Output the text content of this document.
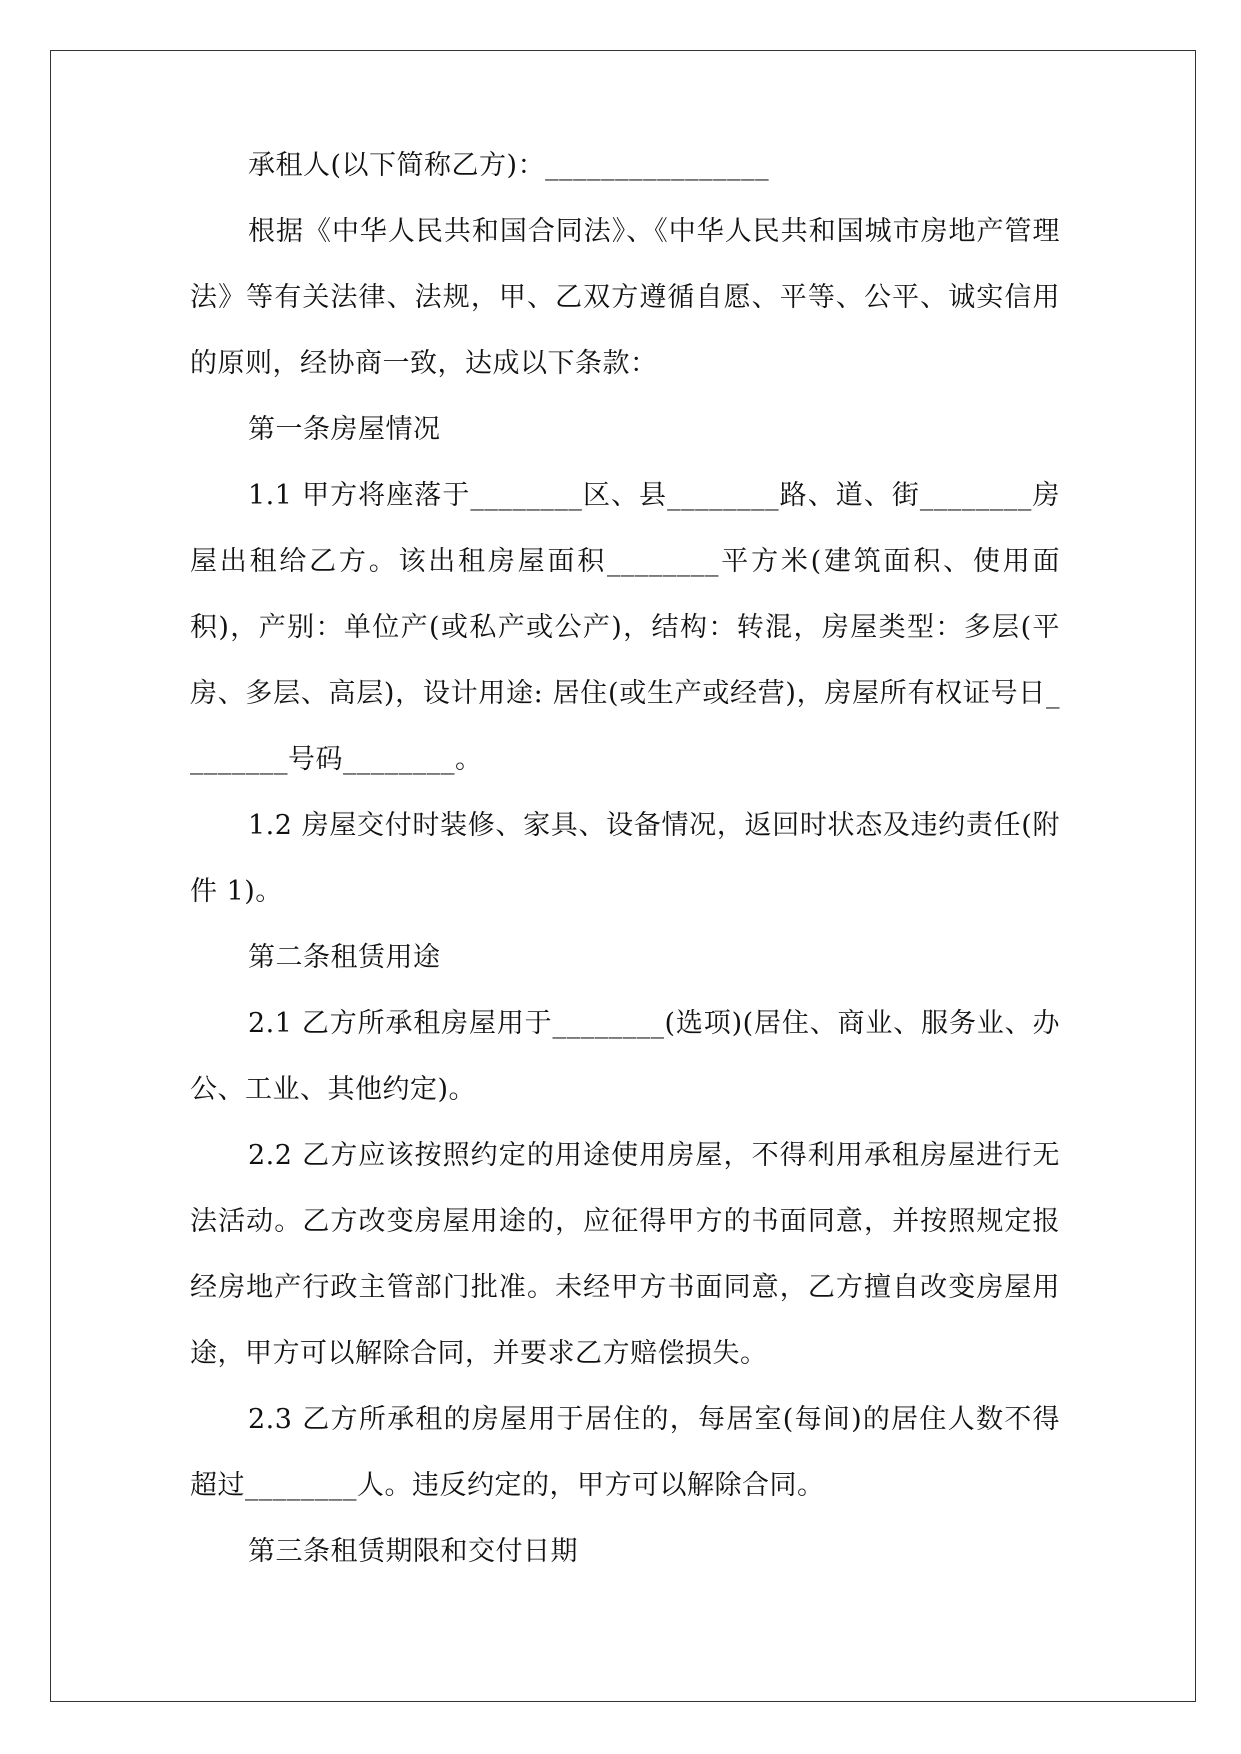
承租人(以下简称乙方)：________________

根据《中华人民共和国合同法》、《中华人民共和国城市房地产管理法》等有关法律、法规，甲、乙双方遵循自愿、平等、公平、诚实信用的原则，经协商一致，达成以下条款：

第一条房屋情况

1.1 甲方将座落于________区、县________路、道、街________房屋出租给乙方。该出租房屋面积________平方米(建筑面积、使用面积)，产别：单位产(或私产或公产)，结构：转混，房屋类型：多层(平房、多层、高层)，设计用途: 居住(或生产或经营)，房屋所有权证号日________号码________。

1.2 房屋交付时装修、家具、设备情况，返回时状态及违约责任(附件 1)。

第二条租赁用途

2.1 乙方所承租房屋用于________(选项)(居住、商业、服务业、办公、工业、其他约定)。

2.2 乙方应该按照约定的用途使用房屋，不得利用承租房屋进行无法活动。乙方改变房屋用途的，应征得甲方的书面同意，并按照规定报经房地产行政主管部门批准。未经甲方书面同意，乙方擅自改变房屋用途，甲方可以解除合同，并要求乙方赔偿损失。

2.3 乙方所承租的房屋用于居住的，每居室(每间)的居住人数不得超过________人。违反约定的，甲方可以解除合同。

第三条租赁期限和交付日期
